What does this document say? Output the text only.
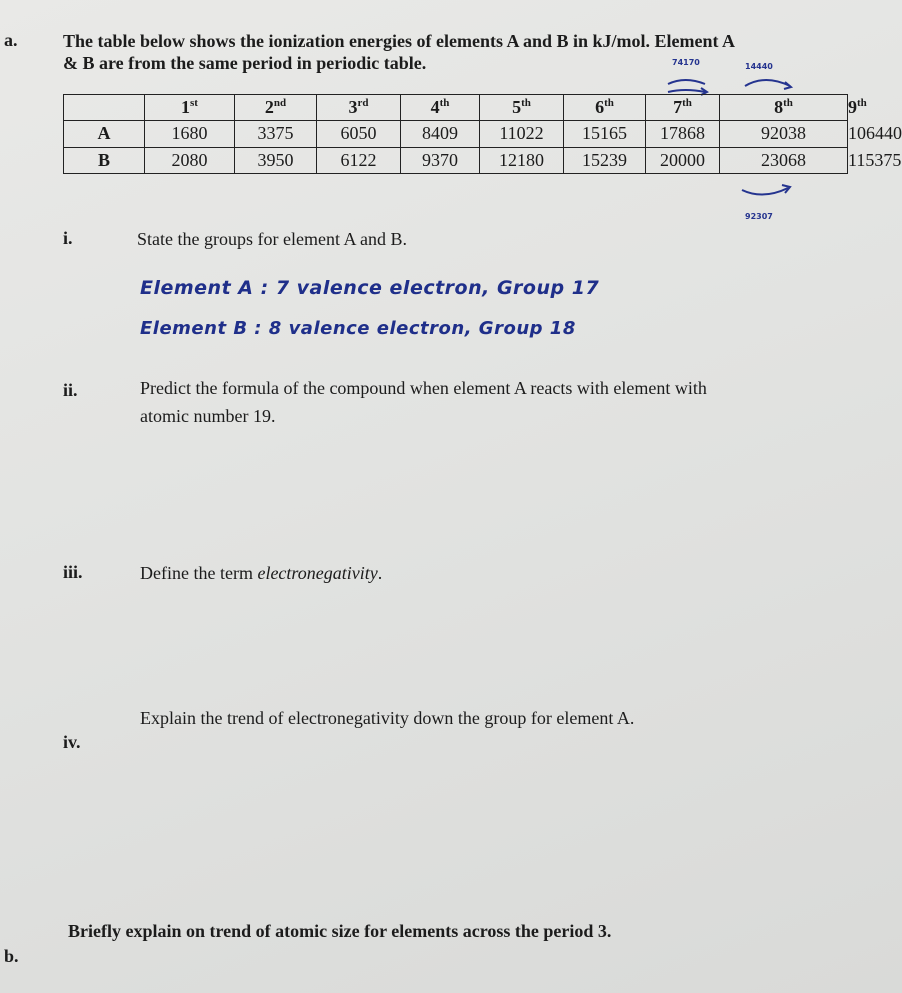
a.	The table below shows the ionization energies of elements A and B in kJ/mol. Element A
& B are from the same period in periodic table.	74170	14440
	1st	2nd	3rd	4th	5th	6th	7th	8th	9th
A	1680	3375	6050	8409	11022	15165	17868	92038	106440
B	2080	3950	6122	9370	12180	15239	20000	23068	115375
92307
i.	State the groups for element A and B.
Element A : 7 valence electron, Group 17
Element B : 8 valence electron, Group 18
ii.	Predict the formula of the compound when element A reacts with element with
atomic number 19.
iii.	Define the term electronegativity.
iv.
Explain the trend of electronegativity down the group for element A.
b.
Briefly explain on trend of atomic size for elements across the period 3.
